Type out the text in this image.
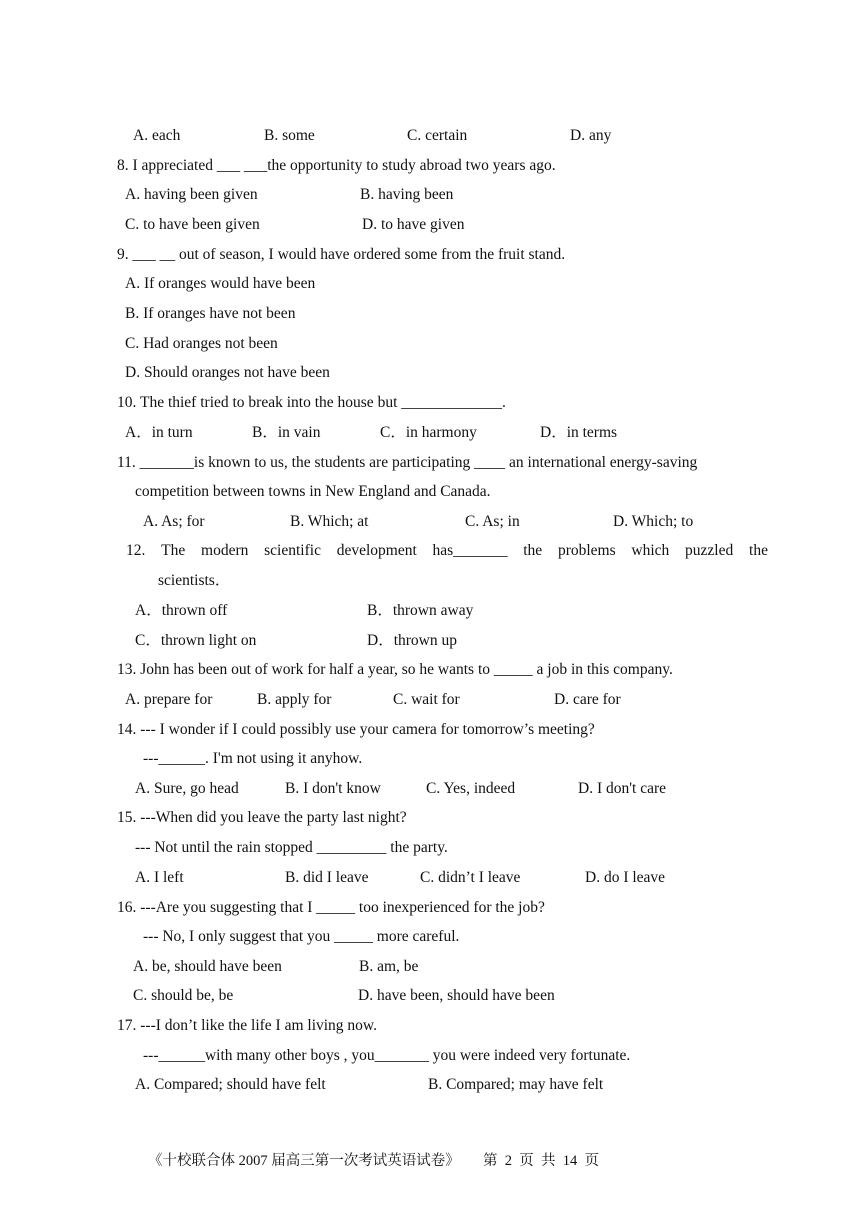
A. each	B. some	C. certain	D. any
8. I appreciated ___ ___the opportunity to study abroad two years ago.
A. having been given	B. having been
C. to have been given	D. to have given
9. ___ __ out of season, I would have ordered some from the fruit stand.
A. If oranges would have been
B. If oranges have not been
C. Had oranges not been
D. Should oranges not have been
10. The thief tried to break into the house but _____________.
A．in turn	B．in vain	C．in harmony	D．in terms
11. _______is known to us, the students are participating ____ an international energy-saving
competition between towns in New England and Canada.
A. As; for	B. Which; at	C. As; in	D. Which; to
12. The modern scientific development has_______ the problems which puzzled the
scientists．
A．thrown off	B．thrown away
C．thrown light on	D．thrown up
13. John has been out of work for half a year, so he wants to _____ a job in this company.
A. prepare for	B. apply for	C. wait for	D. care for
14. --- I wonder if I could possibly use your camera for tomorrow’s meeting?
---______. I'm not using it anyhow.
A. Sure, go head	B. I don't know	C. Yes, indeed	D. I don't care
15. ---When did you leave the party last night?
--- Not until the rain stopped _________ the party.
A. I left	B. did I leave	C. didn’t I leave	D. do I leave
16. ---Are you suggesting that I _____ too inexperienced for the job?
--- No, I only suggest that you _____ more careful.
A. be, should have been	B. am, be
C. should be, be	D. have been, should have been
17. ---I don’t like the life I am living now.
---______with many other boys , you_______ you were indeed very fortunate.
A. Compared; should have felt	B. Compared; may have felt
《十校联合体 2007 届高三第一次考试英语试卷》 第  2  页  共  14  页
